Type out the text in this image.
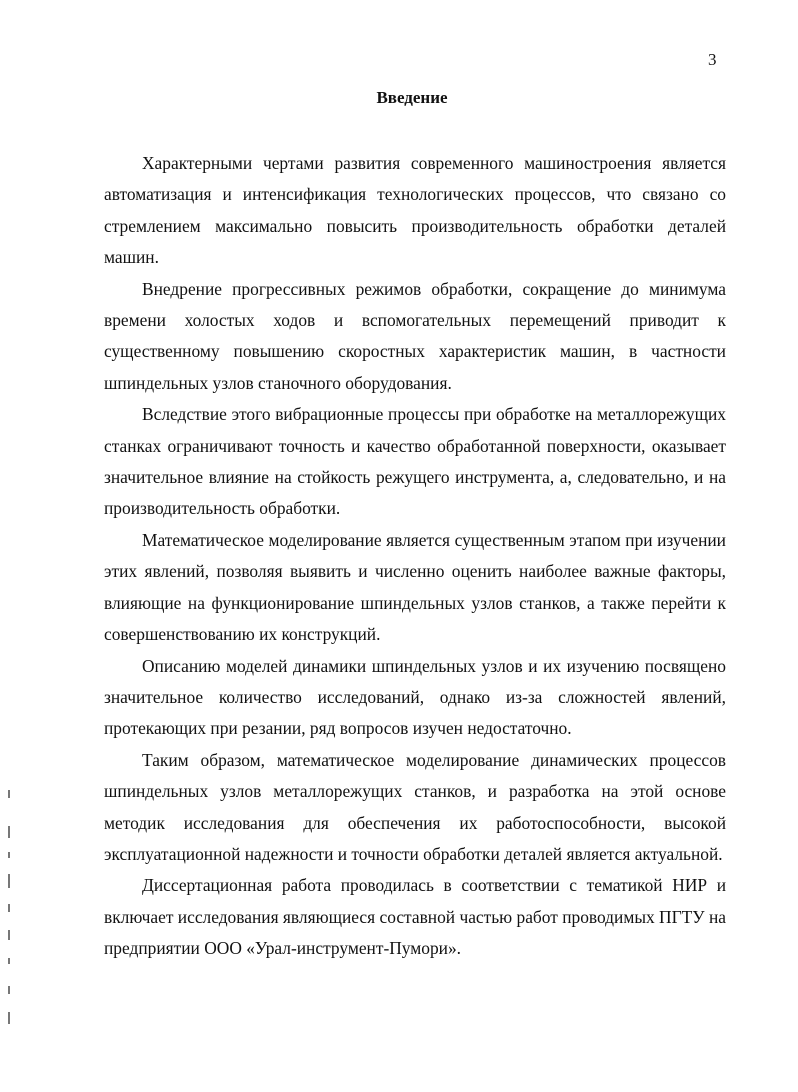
3
Введение

Характерными чертами развития современного машиностроения является автоматизация и интенсификация технологических процессов, что связано со стремлением максимально повысить производительность обработки деталей машин.

Внедрение прогрессивных режимов обработки, сокращение до минимума времени холостых ходов и вспомогательных перемещений приводит к существенному повышению скоростных характеристик машин, в частности шпиндельных узлов станочного оборудования.

Вследствие этого вибрационные процессы при обработке на металлорежущих станках ограничивают точность и качество обработанной поверхности, оказывает значительное влияние на стойкость режущего инструмента, а, следовательно, и на производительность обработки.

Математическое моделирование является существенным этапом при изучении этих явлений, позволяя выявить и численно оценить наиболее важные факторы, влияющие на функционирование шпиндельных узлов станков, а также перейти к совершенствованию их конструкций.

Описанию моделей динамики шпиндельных узлов и их изучению посвящено значительное количество исследований, однако из-за сложностей явлений, протекающих при резании, ряд вопросов изучен недостаточно.

Таким образом, математическое моделирование динамических процессов шпиндельных узлов металлорежущих станков, и разработка на этой основе методик исследования для обеспечения их работоспособности, высокой эксплуатационной надежности и точности обработки деталей является актуальной.

Диссертационная работа проводилась в соответствии с тематикой НИР и включает исследования являющиеся составной частью работ проводимых ПГТУ на предприятии ООО «Урал-инструмент-Пумори».
